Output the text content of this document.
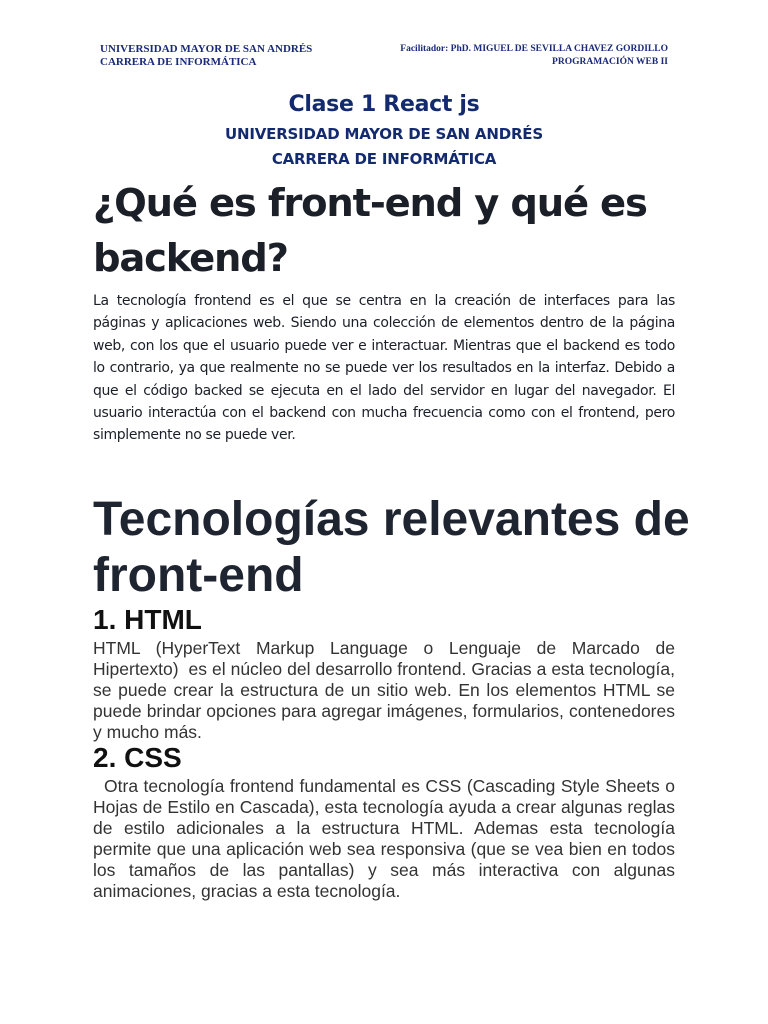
UNIVERSIDAD MAYOR DE SAN ANDRÉS
CARRERA DE INFORMÁTICA
Facilitador: PhD. MIGUEL DE SEVILLA CHAVEZ GORDILLO
PROGRAMACIÓN WEB II
Clase 1 React js
UNIVERSIDAD MAYOR DE SAN ANDRÉS
CARRERA DE INFORMÁTICA
¿Qué es front-end y qué es backend?

La tecnología frontend es el que se centra en la creación de interfaces para las páginas y aplicaciones web. Siendo una colección de elementos dentro de la página web, con los que el usuario puede ver e interactuar. Mientras que el backend es todo lo contrario, ya que realmente no se puede ver los resultados en la interfaz. Debido a que el código backed se ejecuta en el lado del servidor en lugar del navegador. El usuario interactúa con el backend con mucha frecuencia como con el frontend, pero simplemente no se puede ver.

Tecnologías relevantes de front-end
1. HTML

HTML (HyperText Markup Language o Lenguaje de Marcado de Hipertexto)  es el núcleo del desarrollo frontend. Gracias a esta tecnología, se puede crear la estructura de un sitio web. En los elementos HTML se puede brindar opciones para agregar imágenes, formularios, contenedores y mucho más.

2. CSS

Otra tecnología frontend fundamental es CSS (Cascading Style Sheets o Hojas de Estilo en Cascada), esta tecnología ayuda a crear algunas reglas de estilo adicionales a la estructura HTML. Ademas esta tecnología permite que una aplicación web sea responsiva (que se vea bien en todos los tamaños de las pantallas) y sea más interactiva con algunas animaciones, gracias a esta tecnología.
